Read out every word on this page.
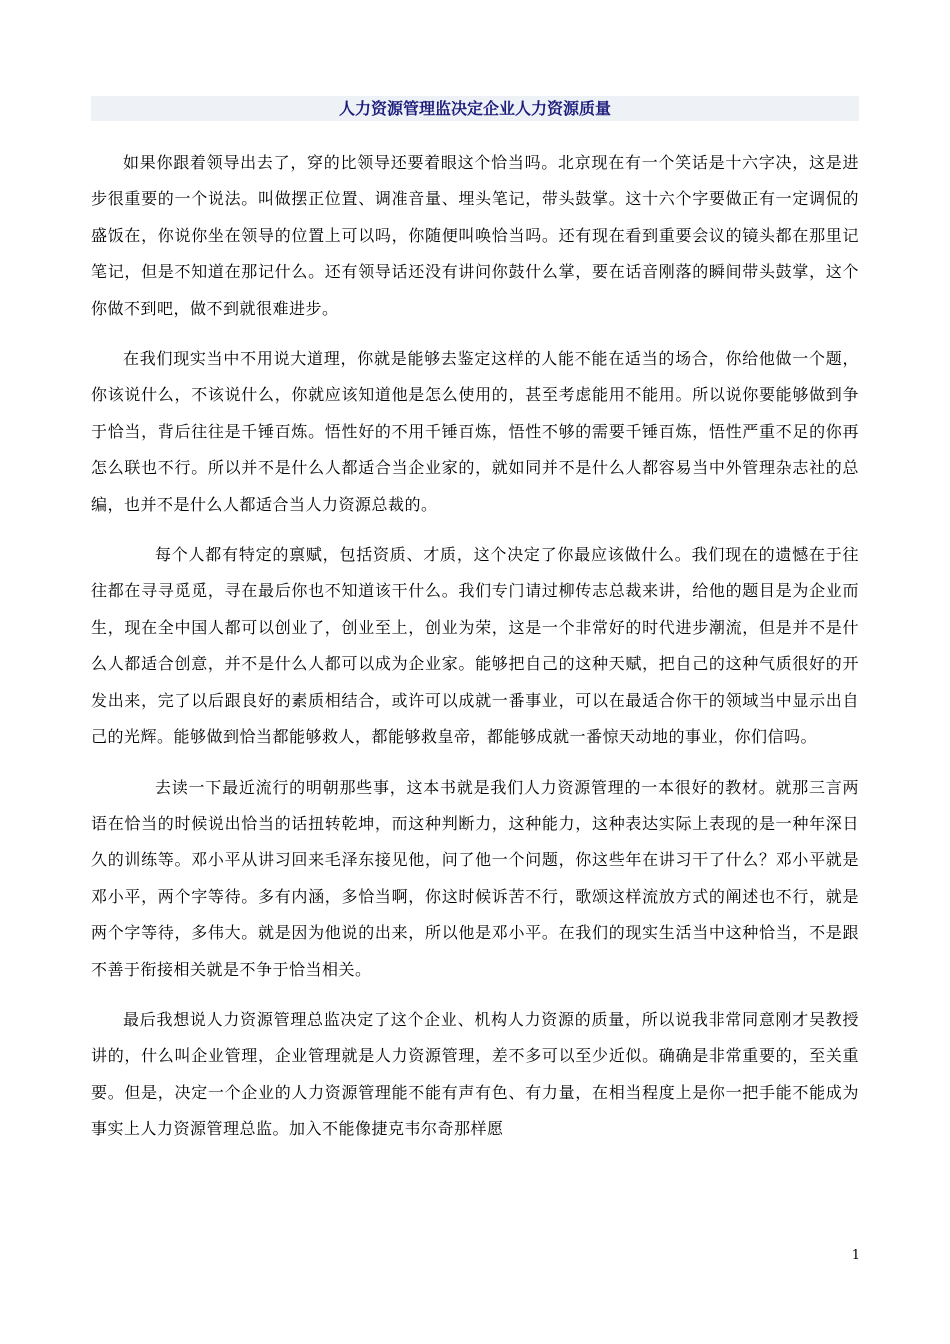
人力资源管理监决定企业人力资源质量

如果你跟着领导出去了，穿的比领导还要着眼这个恰当吗。北京现在有一个笑话是十六字决，这是进步很重要的一个说法。叫做摆正位置、调准音量、埋头笔记，带头鼓掌。这十六个字要做正有一定调侃的盛饭在，你说你坐在领导的位置上可以吗，你随便叫唤恰当吗。还有现在看到重要会议的镜头都在那里记笔记，但是不知道在那记什么。还有领导话还没有讲问你鼓什么掌，要在话音刚落的瞬间带头鼓掌，这个你做不到吧，做不到就很难进步。

在我们现实当中不用说大道理，你就是能够去鉴定这样的人能不能在适当的场合，你给他做一个题，你该说什么，不该说什么，你就应该知道他是怎么使用的，甚至考虑能用不能用。所以说你要能够做到争于恰当，背后往往是千锤百炼。悟性好的不用千锤百炼，悟性不够的需要千锤百炼，悟性严重不足的你再怎么联也不行。所以并不是什么人都适合当企业家的，就如同并不是什么人都容易当中外管理杂志社的总编，也并不是什么人都适合当人力资源总裁的。

每个人都有特定的禀赋，包括资质、才质，这个决定了你最应该做什么。我们现在的遗憾在于往往都在寻寻觅觅，寻在最后你也不知道该干什么。我们专门请过柳传志总裁来讲，给他的题目是为企业而生，现在全中国人都可以创业了，创业至上，创业为荣，这是一个非常好的时代进步潮流，但是并不是什么人都适合创意，并不是什么人都可以成为企业家。能够把自己的这种天赋，把自己的这种气质很好的开发出来，完了以后跟良好的素质相结合，或许可以成就一番事业，可以在最适合你干的领域当中显示出自己的光辉。能够做到恰当都能够救人，都能够救皇帝，都能够成就一番惊天动地的事业，你们信吗。

去读一下最近流行的明朝那些事，这本书就是我们人力资源管理的一本很好的教材。就那三言两语在恰当的时候说出恰当的话扭转乾坤，而这种判断力，这种能力，这种表达实际上表现的是一种年深日久的训练等。邓小平从讲习回来毛泽东接见他，问了他一个问题，你这些年在讲习干了什么？邓小平就是邓小平，两个字等待。多有内涵，多恰当啊，你这时候诉苦不行，歌颂这样流放方式的阐述也不行，就是两个字等待，多伟大。就是因为他说的出来，所以他是邓小平。在我们的现实生活当中这种恰当，不是跟不善于衔接相关就是不争于恰当相关。

最后我想说人力资源管理总监决定了这个企业、机构人力资源的质量，所以说我非常同意刚才吴教授讲的，什么叫企业管理，企业管理就是人力资源管理，差不多可以至少近似。确确是非常重要的，至关重要。但是，决定一个企业的人力资源管理能不能有声有色、有力量，在相当程度上是你一把手能不能成为事实上人力资源管理总监。加入不能像捷克韦尔奇那样愿

1
